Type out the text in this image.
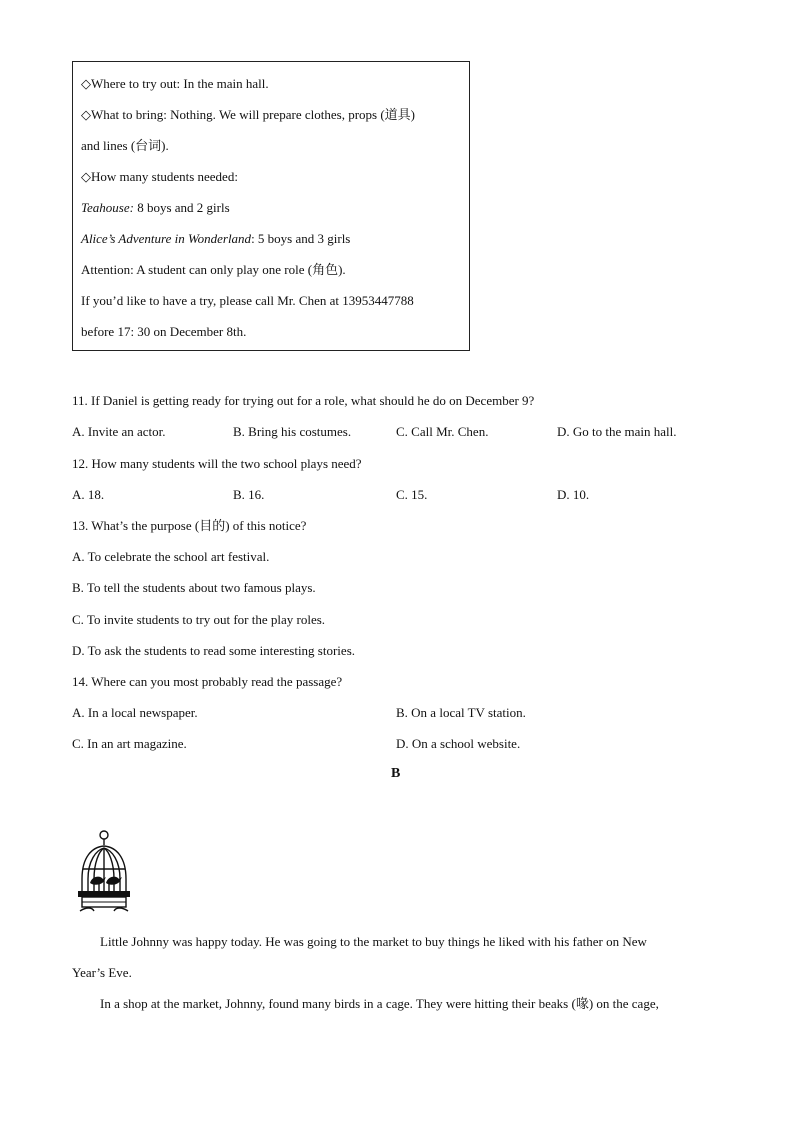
◇Where to try out: In the main hall.
◇What to bring: Nothing. We will prepare clothes, props (道具)
and lines (台词).
◇How many students needed:
Teahouse: 8 boys and 2 girls
Alice’s Adventure in Wonderland: 5 boys and 3 girls
Attention: A student can only play one role (角色).
If you’d like to have a try, please call Mr. Chen at 13953447788
before 17: 30 on December 8th.
11. If Daniel is getting ready for trying out for a role, what should he do on December 9?
A. Invite an actor.	B. Bring his costumes.	C. Call Mr. Chen.	D. Go to the main hall.
12. How many students will the two school plays need?
A. 18.	B. 16.	C. 15.	D. 10.
13. What’s the purpose (目的) of this notice?
A. To celebrate the school art festival.
B. To tell the students about two famous plays.
C. To invite students to try out for the play roles.
D. To ask the students to read some interesting stories.
14. Where can you most probably read the passage?
A. In a local newspaper.	B. On a local TV station.
C. In an art magazine.	D. On a school website.
B
Little Johnny was happy today. He was going to the market to buy things he liked with his father on New
Year’s Eve.
In a shop at the market, Johnny, found many birds in a cage. They were hitting their beaks (喙) on the cage,
